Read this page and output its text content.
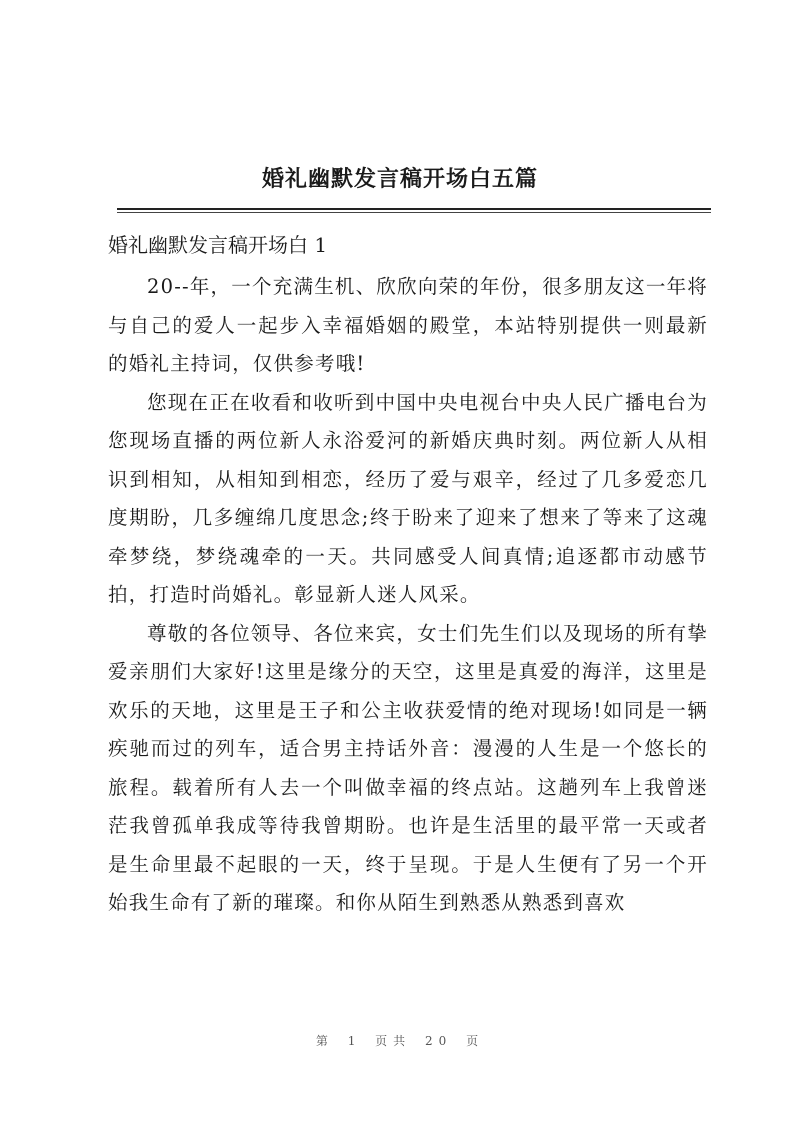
婚礼幽默发言稿开场白五篇
婚礼幽默发言稿开场白 1

20--年，一个充满生机、欣欣向荣的年份，很多朋友这一年将与自己的爱人一起步入幸福婚姻的殿堂，本站特别提供一则最新的婚礼主持词，仅供参考哦!

您现在正在收看和收听到中国中央电视台中央人民广播电台为您现场直播的两位新人永浴爱河的新婚庆典时刻。两位新人从相识到相知，从相知到相恋，经历了爱与艰辛，经过了几多爱恋几度期盼，几多缠绵几度思念;终于盼来了迎来了想来了等来了这魂牵梦绕，梦绕魂牵的一天。共同感受人间真情;追逐都市动感节拍，打造时尚婚礼。彰显新人迷人风采。

尊敬的各位领导、各位来宾，女士们先生们以及现场的所有挚爱亲朋们大家好!这里是缘分的天空，这里是真爱的海洋，这里是欢乐的天地，这里是王子和公主收获爱情的绝对现场!如同是一辆疾驰而过的列车，适合男主持话外音：漫漫的人生是一个悠长的旅程。载着所有人去一个叫做幸福的终点站。这趟列车上我曾迷茫我曾孤单我成等待我曾期盼。也许是生活里的最平常一天或者是生命里最不起眼的一天，终于呈现。于是人生便有了另一个开始我生命有了新的璀璨。和你从陌生到熟悉从熟悉到喜欢

第 1 页共 20 页
